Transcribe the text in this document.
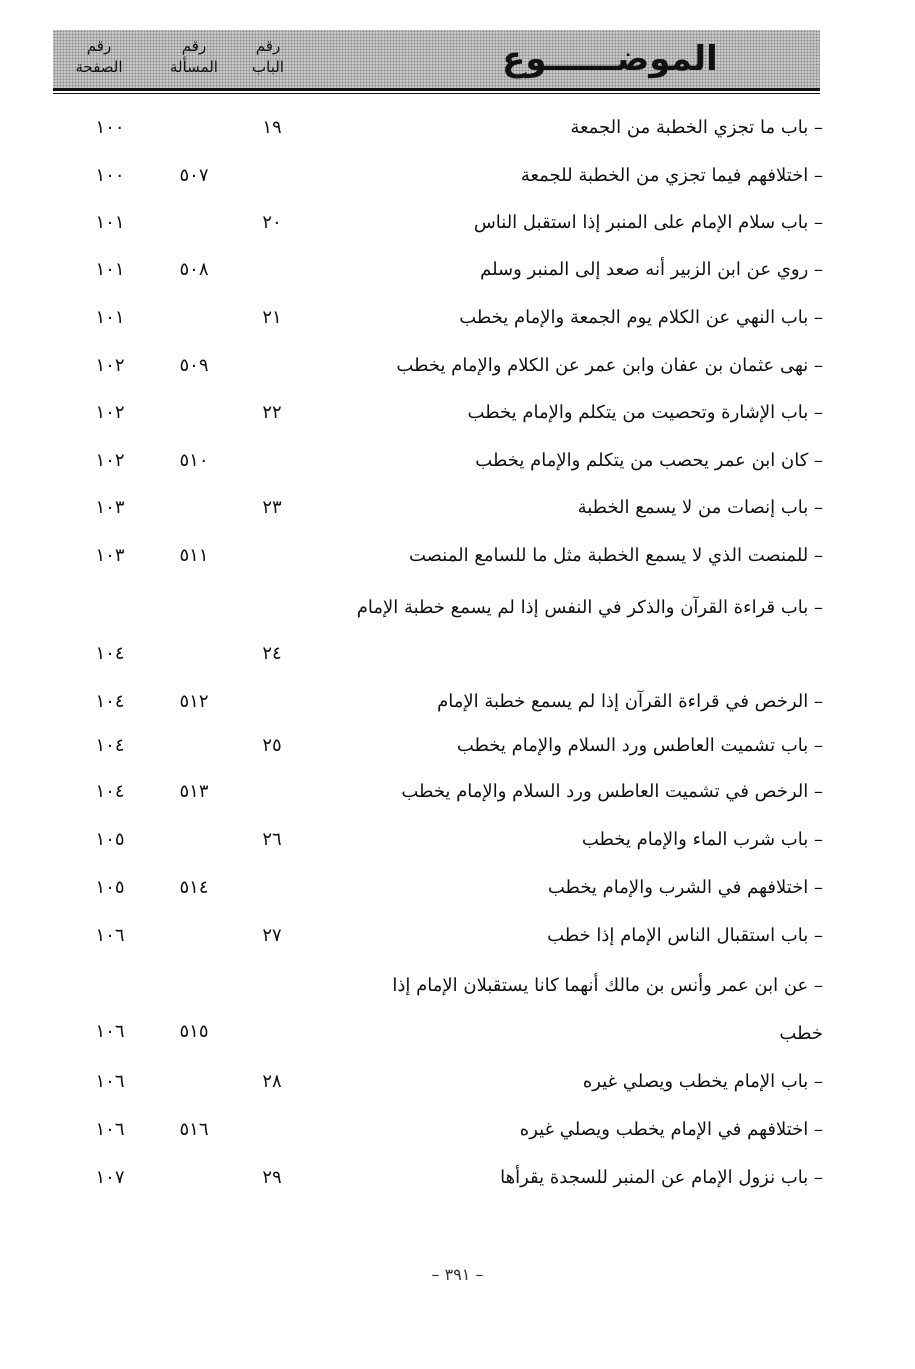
الموضــــــوع
رقم
الباب
رقم
المسألة
رقم
الصفحة
– باب ما تجزي الخطبة من الجمعة
١٩
١٠٠
– اختلافهم فيما تجزي من الخطبة للجمعة
٥٠٧
١٠٠
– باب سلام الإمام على المنبر إذا استقبل الناس
٢٠
١٠١
– روي عن ابن الزبير أنه صعد إلى المنبر وسلم
٥٠٨
١٠١
– باب النهي عن الكلام يوم الجمعة والإمام يخطب
٢١
١٠١
– نهى عثمان بن عفان وابن عمر عن الكلام والإمام يخطب
٥٠٩
١٠٢
– باب الإشارة وتحصيت من يتكلم والإمام يخطب
٢٢
١٠٢
– كان ابن عمر يحصب من يتكلم والإمام يخطب
٥١٠
١٠٢
– باب إنصات من لا يسمع الخطبة
٢٣
١٠٣
– للمنصت الذي لا يسمع الخطبة مثل ما للسامع المنصت
٥١١
١٠٣
– باب قراءة القرآن والذكر في النفس إذا لم يسمع خطبة الإمام
٢٤
١٠٤
– الرخص في قراءة القرآن إذا لم يسمع خطبة الإمام
٥١٢
١٠٤
– باب تشميت العاطس ورد السلام والإمام يخطب
٢٥
١٠٤
– الرخص في تشميت العاطس ورد السلام والإمام يخطب
٥١٣
١٠٤
– باب شرب الماء والإمام يخطب
٢٦
١٠٥
– اختلافهم في الشرب والإمام يخطب
٥١٤
١٠٥
– باب استقبال الناس الإمام إذا خطب
٢٧
١٠٦
– عن ابن عمر وأنس بن مالك أنهما كانا يستقبلان الإمام إذا خطب
٥١٥
١٠٦
– باب الإمام يخطب ويصلي غيره
٢٨
١٠٦
– اختلافهم في الإمام يخطب ويصلي غيره
٥١٦
١٠٦
– باب نزول الإمام عن المنبر للسجدة يقرأها
٢٩
١٠٧
– ٣٩١ –
